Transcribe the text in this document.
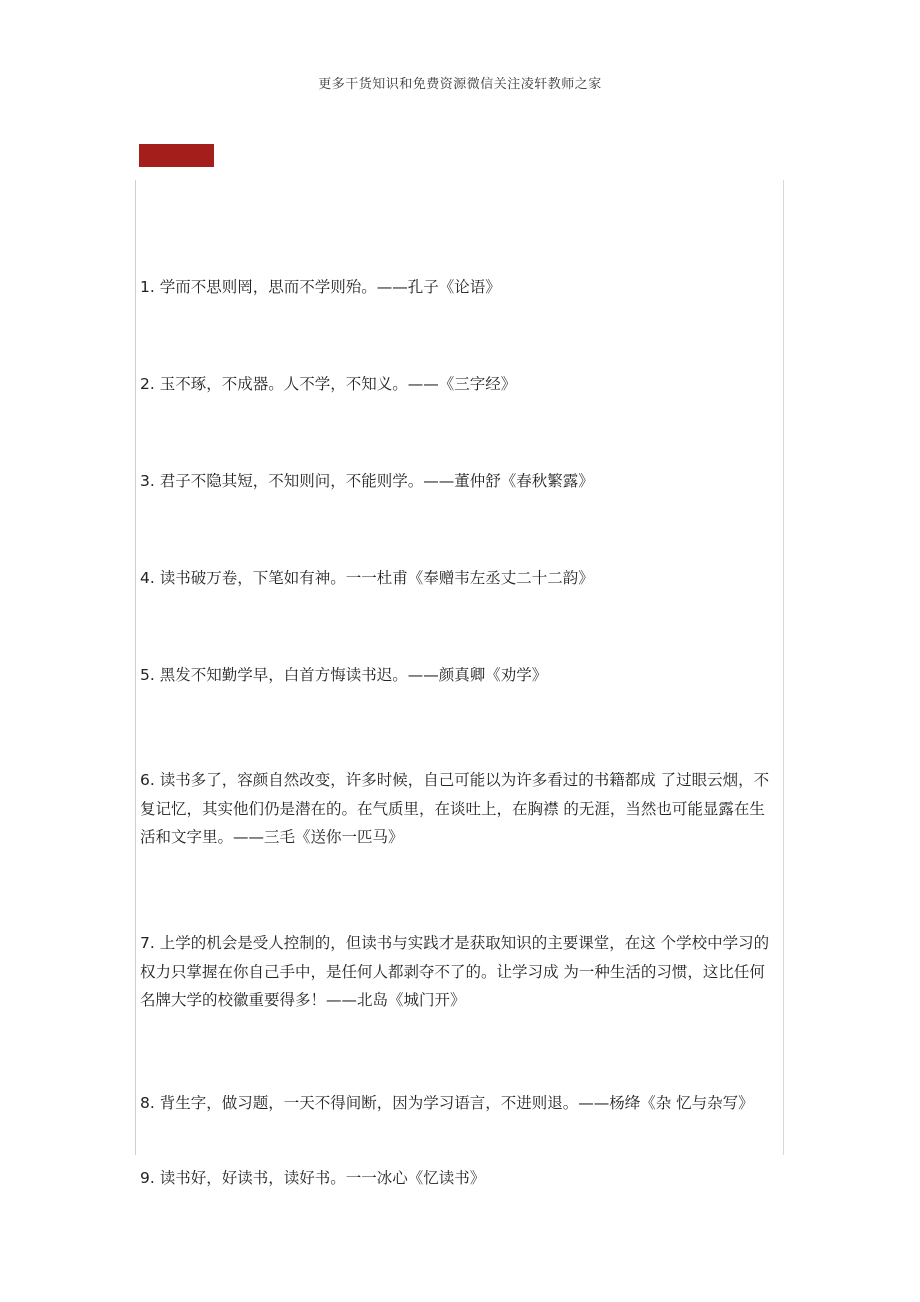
更多干货知识和免费资源微信关注凌轩教师之家

1. 学而不思则罔，思而不学则殆。——孔子《论语》

2. 玉不琢，不成器。人不学，不知义。——《三字经》

3. 君子不隐其短，不知则问，不能则学。——董仲舒《春秋繁露》

4. 读书破万卷，下笔如有神。一一杜甫《奉赠韦左丞丈二十二韵》

5. 黑发不知勤学早，白首方悔读书迟。——颜真卿《劝学》

6. 读书多了，容颜自然改变，许多时候，自己可能以为许多看过的书籍都成 了过眼云烟，不复记忆，其实他们仍是潜在的。在气质里，在谈吐上，在胸襟 的无涯，当然也可能显露在生活和文字里。——三毛《送你一匹马》

7. 上学的机会是受人控制的，但读书与实践才是获取知识的主要课堂，在这 个学校中学习的权力只掌握在你自己手中，是任何人都剥夺不了的。让学习成 为一种生活的习惯，这比任何名牌大学的校徽重要得多！——北岛《城门开》

8. 背生字，做习题，一天不得间断，因为学习语言，不进则退。——杨绛《杂 忆与杂写》

9. 读书好，好读书，读好书。一一冰心《忆读书》
